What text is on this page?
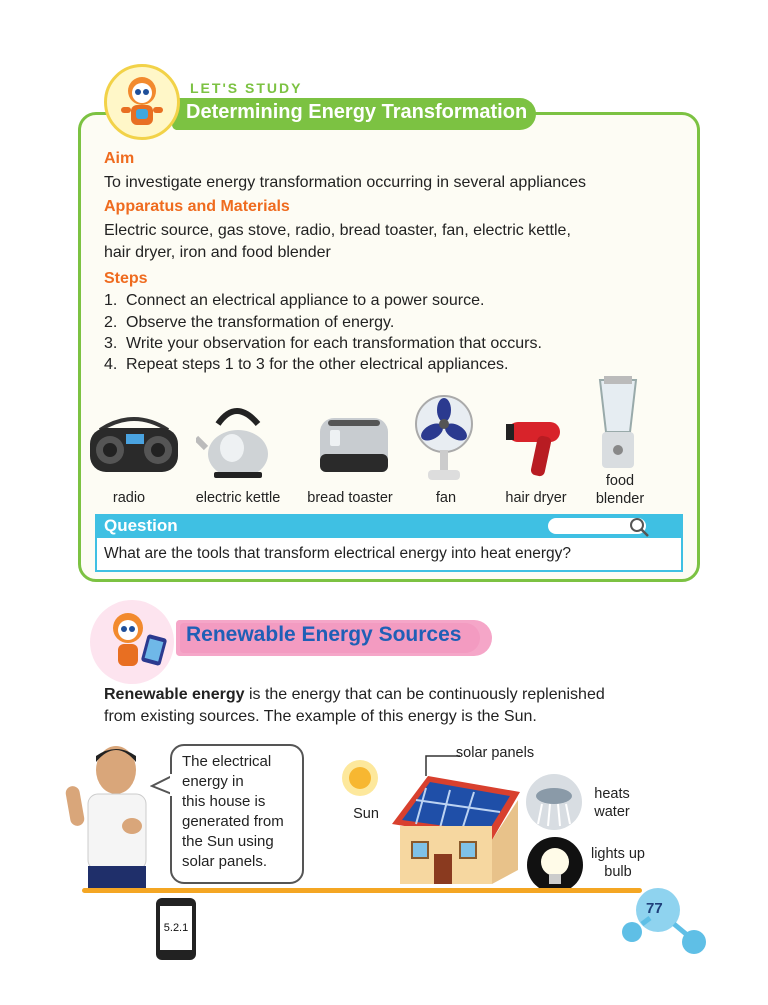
Determining Energy Transformation
LET'S STUDY
Aim
To investigate energy transformation occurring in several appliances
Apparatus and Materials
Electric source, gas stove, radio, bread toaster, fan, electric kettle,
hair dryer, iron and food blender
Steps
1. Connect an electrical appliance to a power source.
2. Observe the transformation of energy.
3. Write your observation for each transformation that occurs.
4. Repeat steps 1 to 3 for the other electrical appliances.
radio	electric kettle	bread toaster	fan	hair dryer
food
blender
Question
What are the tools that transform electrical energy into heat energy?
Renewable Energy Sources
Renewable energy is the energy that can be continuously replenished
from existing sources. The example of this energy is the Sun.
The electrical
energy in
this house is
generated from
the Sun using
solar panels.
Sun
solar panels
heats
water
lights up
bulb
5.2.1
77
